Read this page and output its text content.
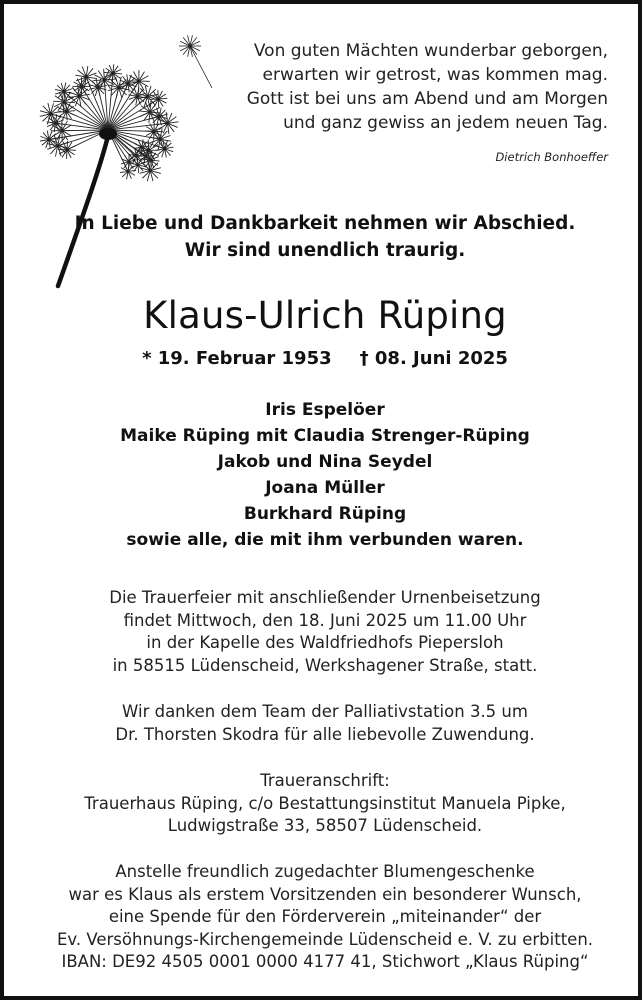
Von guten Mächten wunderbar geborgen,
erwarten wir getrost, was kommen mag.
Gott ist bei uns am Abend und am Morgen
und ganz gewiss an jedem neuen Tag.
Dietrich Bonhoeffer
In Liebe und Dankbarkeit nehmen wir Abschied.
Wir sind unendlich traurig.
Klaus-Ulrich Rüping
* 19. Februar 1953 † 08. Juni 2025
Iris Espelöer
Maike Rüping mit Claudia Strenger-Rüping
Jakob und Nina Seydel
Joana Müller
Burkhard Rüping
sowie alle, die mit ihm verbunden waren.
Die Trauerfeier mit anschließender Urnenbeisetzung
findet Mittwoch, den 18. Juni 2025 um 11.00 Uhr
in der Kapelle des Waldfriedhofs Piepersloh
in 58515 Lüdenscheid, Werkshagener Straße, statt.
Wir danken dem Team der Palliativstation 3.5 um
Dr. Thorsten Skodra für alle liebevolle Zuwendung.
Traueranschrift:
Trauerhaus Rüping, c/o Bestattungsinstitut Manuela Pipke,
Ludwigstraße 33, 58507 Lüdenscheid.
Anstelle freundlich zugedachter Blumengeschenke
war es Klaus als erstem Vorsitzenden ein besonderer Wunsch,
eine Spende für den Förderverein „miteinander“ der
Ev. Versöhnungs-Kirchengemeinde Lüdenscheid e. V. zu erbitten.
IBAN: DE92 4505 0001 0000 4177 41, Stichwort „Klaus Rüping“
